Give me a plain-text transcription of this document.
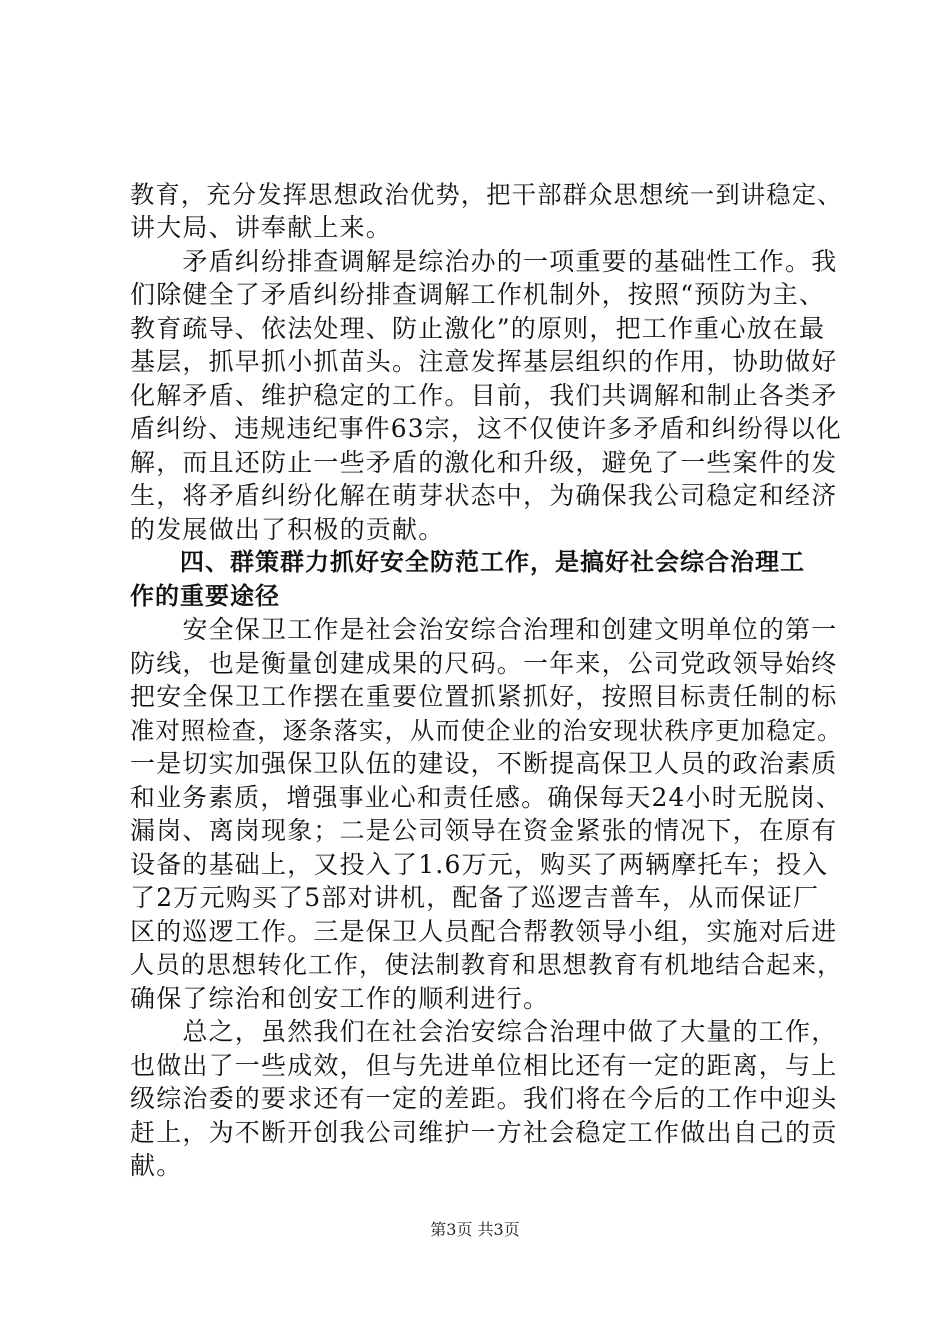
教育，充分发挥思想政治优势，把干部群众思想统一到讲稳定、
讲大局、讲奉献上来。
　　矛盾纠纷排查调解是综治办的一项重要的基础性工作。我
们除健全了矛盾纠纷排查调解工作机制外，按照“预防为主、
教育疏导、依法处理、防止激化”的原则，把工作重心放在最
基层，抓早抓小抓苗头。注意发挥基层组织的作用，协助做好
化解矛盾、维护稳定的工作。目前，我们共调解和制止各类矛
盾纠纷、违规违纪事件63宗，这不仅使许多矛盾和纠纷得以化
解，而且还防止一些矛盾的激化和升级，避免了一些案件的发
生，将矛盾纠纷化解在萌芽状态中，为确保我公司稳定和经济
的发展做出了积极的贡献。
　　四、群策群力抓好安全防范工作，是搞好社会综合治理工
作的重要途径
　　安全保卫工作是社会治安综合治理和创建文明单位的第一
防线，也是衡量创建成果的尺码。一年来，公司党政领导始终
把安全保卫工作摆在重要位置抓紧抓好，按照目标责任制的标
准对照检查，逐条落实，从而使企业的治安现状秩序更加稳定。
一是切实加强保卫队伍的建设，不断提高保卫人员的政治素质
和业务素质，增强事业心和责任感。确保每天24小时无脱岗、
漏岗、离岗现象；二是公司领导在资金紧张的情况下，在原有
设备的基础上，又投入了1.6万元，购买了两辆摩托车；投入
了2万元购买了5部对讲机，配备了巡逻吉普车，从而保证厂
区的巡逻工作。三是保卫人员配合帮教领导小组，实施对后进
人员的思想转化工作，使法制教育和思想教育有机地结合起来，
确保了综治和创安工作的顺利进行。
　　总之，虽然我们在社会治安综合治理中做了大量的工作，
也做出了一些成效，但与先进单位相比还有一定的距离，与上
级综治委的要求还有一定的差距。我们将在今后的工作中迎头
赶上，为不断开创我公司维护一方社会稳定工作做出自己的贡
献。
第3页 共3页
